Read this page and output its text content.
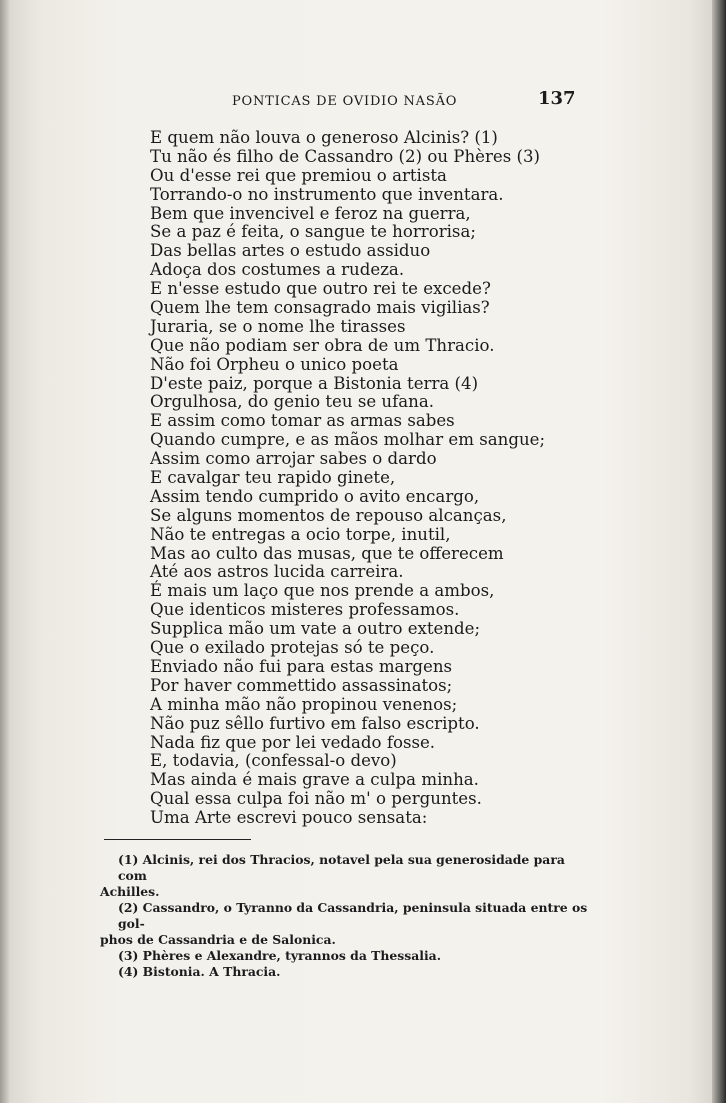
PONTICAS DE OVIDIO NASÃO	137
E quem não louva o generoso Alcinis? (1)
Tu não és filho de Cassandro (2) ou Phères (3)
Ou d'esse rei que premiou o artista
Torrando-o no instrumento que inventara.
Bem que invencivel e feroz na guerra,
Se a paz é feita, o sangue te horrorisa;
Das bellas artes o estudo assiduo
Adoça dos costumes a rudeza.
E n'esse estudo que outro rei te excede?
Quem lhe tem consagrado mais vigilias?
Juraria, se o nome lhe tirasses
Que não podiam ser obra de um Thracio.
Não foi Orpheu o unico poeta
D'este paiz, porque a Bistonia terra (4)
Orgulhosa, do genio teu se ufana.
E assim como tomar as armas sabes
Quando cumpre, e as mãos molhar em sangue;
Assim como arrojar sabes o dardo
E cavalgar teu rapido ginete,
Assim tendo cumprido o avito encargo,
Se alguns momentos de repouso alcanças,
Não te entregas a ocio torpe, inutil,
Mas ao culto das musas, que te offerecem
Até aos astros lucida carreira.
É mais um laço que nos prende a ambos,
Que identicos misteres professamos.
Supplica mão um vate a outro extende;
Que o exilado protejas só te peço.
Enviado não fui para estas margens
Por haver commettido assassinatos;
A minha mão não propinou venenos;
Não puz sêllo furtivo em falso escripto.
Nada fiz que por lei vedado fosse.
E, todavia, (confessal-o devo)
Mas ainda é mais grave a culpa minha.
Qual essa culpa foi não m' o perguntes.
Uma Arte escrevi pouco sensata:
(1) Alcinis, rei dos Thracios, notavel pela sua generosidade para com
Achilles.
(2) Cassandro, o Tyranno da Cassandria, peninsula situada entre os gol-
phos de Cassandria e de Salonica.
(3) Phères e Alexandre, tyrannos da Thessalia.
(4) Bistonia. A Thracia.
